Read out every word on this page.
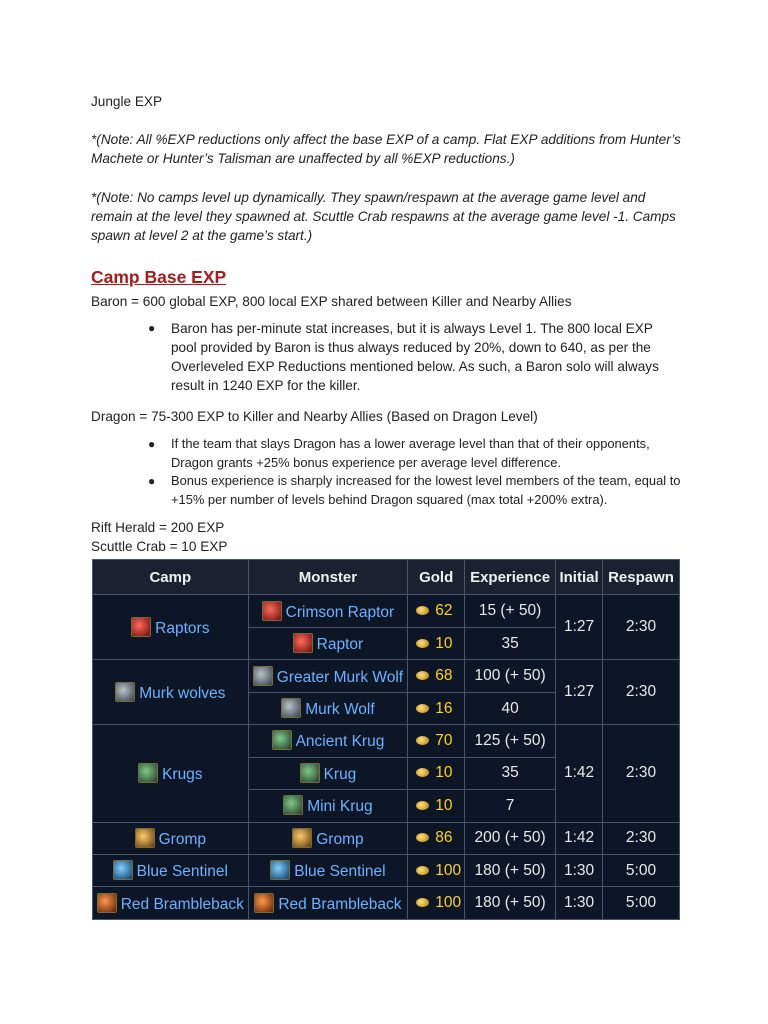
Jungle EXP

*(Note: All %EXP reductions only affect the base EXP of a camp. Flat EXP additions from Hunter’s Machete or Hunter’s Talisman are unaffected by all %EXP reductions.)

*(Note: No camps level up dynamically. They spawn/respawn at the average game level and remain at the level they spawned at. Scuttle Crab respawns at the average game level -1. Camps spawn at level 2 at the game’s start.)

Camp Base EXP

Baron = 600 global EXP, 800 local EXP shared between Killer and Nearby Allies

● Baron has per-minute stat increases, but it is always Level 1. The 800 local EXP pool provided by Baron is thus always reduced by 20%, down to 640, as per the Overleveled EXP Reductions mentioned below. As such, a Baron solo will always result in 1240 EXP for the killer.

Dragon = 75-300 EXP to Killer and Nearby Allies (Based on Dragon Level)

● If the team that slays Dragon has a lower average level than that of their opponents, Dragon grants +25% bonus experience per average level difference.
● Bonus experience is sharply increased for the lowest level members of the team, equal to +15% per number of levels behind Dragon squared (max total +200% extra).

Rift Herald = 200 EXP

Scuttle Crab = 10 EXP

Camp	Monster	Gold	Experience	Initial	Respawn
Raptors	Crimson Raptor	62	15 (+ 50)	1:27	2:30
	Raptor	10	35		
Murk wolves	Greater Murk Wolf	68	100 (+ 50)	1:27	2:30
	Murk Wolf	16	40		
Krugs	Ancient Krug	70	125 (+ 50)	1:42	2:30
	Krug	10	35		
	Mini Krug	10	7		
Gromp	Gromp	86	200 (+ 50)	1:42	2:30
Blue Sentinel	Blue Sentinel	100	180 (+ 50)	1:30	5:00
Red Brambleback	Red Brambleback	100	180 (+ 50)	1:30	5:00
